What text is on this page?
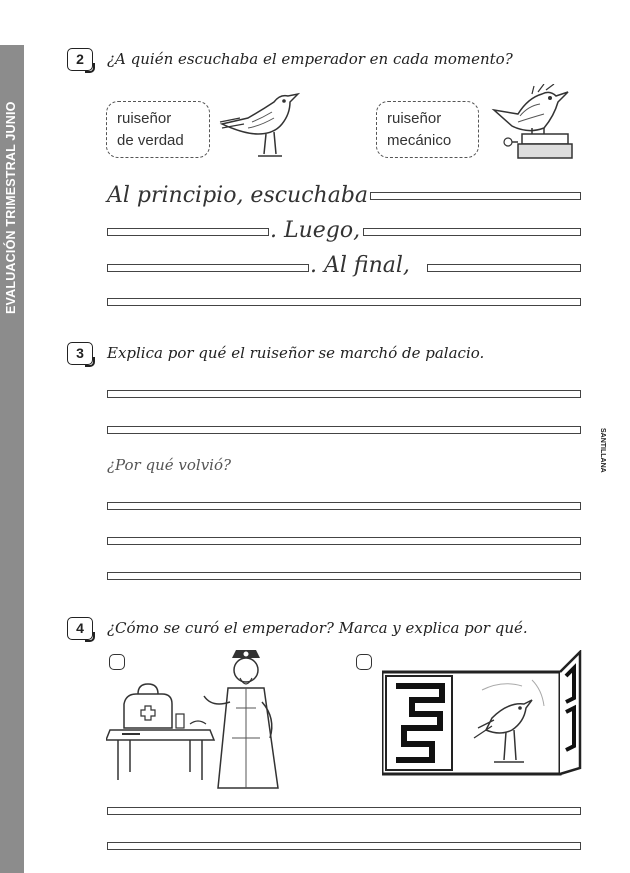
EVALUACIÓN TRIMESTRAL JUNIO
2	¿A quién escuchaba el emperador en cada momento?
ruiseñor
de verdad
ruiseñor
mecánico
Al principio, escuchaba
. Luego,
. Al final,
3	Explica por qué el ruiseñor se marchó de palacio.
¿Por qué volvió?	SANTILLANA
4	¿Cómo se curó el emperador? Marca y explica por qué.
